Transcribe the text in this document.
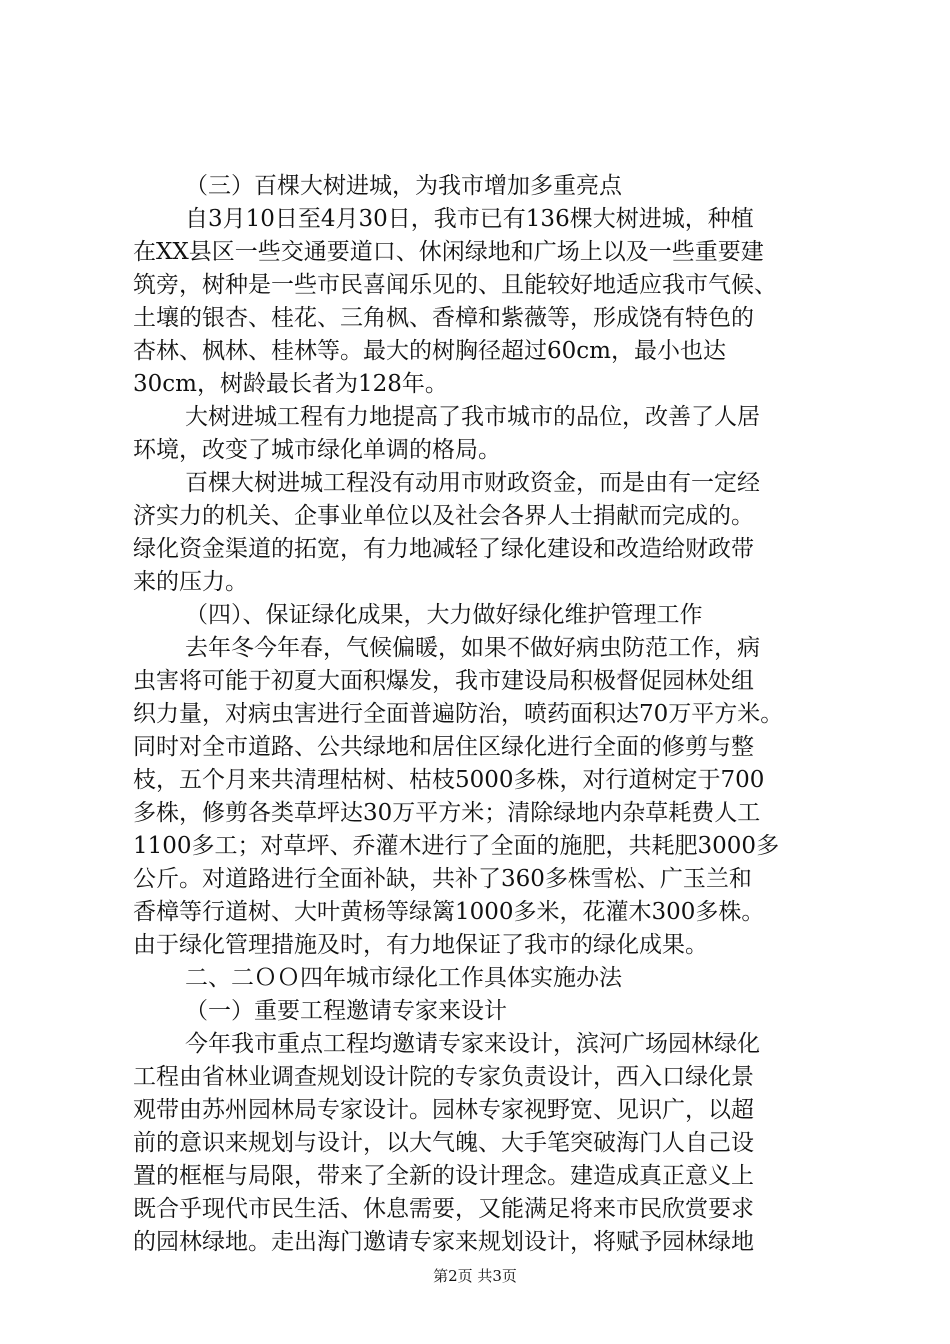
（三）百棵大树进城，为我市增加多重亮点
自3月10日至4月30日，我市已有136棵大树进城，种植
在XX县区一些交通要道口、休闲绿地和广场上以及一些重要建
筑旁，树种是一些市民喜闻乐见的、且能较好地适应我市气候、
土壤的银杏、桂花、三角枫、香樟和紫薇等，形成饶有特色的
杏林、枫林、桂林等。最大的树胸径超过60cm，最小也达
30cm，树龄最长者为128年。
大树进城工程有力地提高了我市城市的品位，改善了人居
环境，改变了城市绿化单调的格局。
百棵大树进城工程没有动用市财政资金，而是由有一定经
济实力的机关、企事业单位以及社会各界人士捐献而完成的。
绿化资金渠道的拓宽，有力地减轻了绿化建设和改造给财政带
来的压力。
（四）、保证绿化成果，大力做好绿化维护管理工作
去年冬今年春，气候偏暖，如果不做好病虫防范工作，病
虫害将可能于初夏大面积爆发，我市建设局积极督促园林处组
织力量，对病虫害进行全面普遍防治，喷药面积达70万平方米。
同时对全市道路、公共绿地和居住区绿化进行全面的修剪与整
枝，五个月来共清理枯树、枯枝5000多株，对行道树定于700
多株，修剪各类草坪达30万平方米；清除绿地内杂草耗费人工
1100多工；对草坪、乔灌木进行了全面的施肥，共耗肥3000多
公斤。对道路进行全面补缺，共补了360多株雪松、广玉兰和
香樟等行道树、大叶黄杨等绿篱1000多米，花灌木300多株。
由于绿化管理措施及时，有力地保证了我市的绿化成果。
二、二ＯＯ四年城市绿化工作具体实施办法
（一）重要工程邀请专家来设计
今年我市重点工程均邀请专家来设计，滨河广场园林绿化
工程由省林业调查规划设计院的专家负责设计，西入口绿化景
观带由苏州园林局专家设计。园林专家视野宽、见识广，以超
前的意识来规划与设计，以大气魄、大手笔突破海门人自己设
置的框框与局限，带来了全新的设计理念。建造成真正意义上
既合乎现代市民生活、休息需要，又能满足将来市民欣赏要求
的园林绿地。走出海门邀请专家来规划设计，将赋予园林绿地
第2页 共3页
